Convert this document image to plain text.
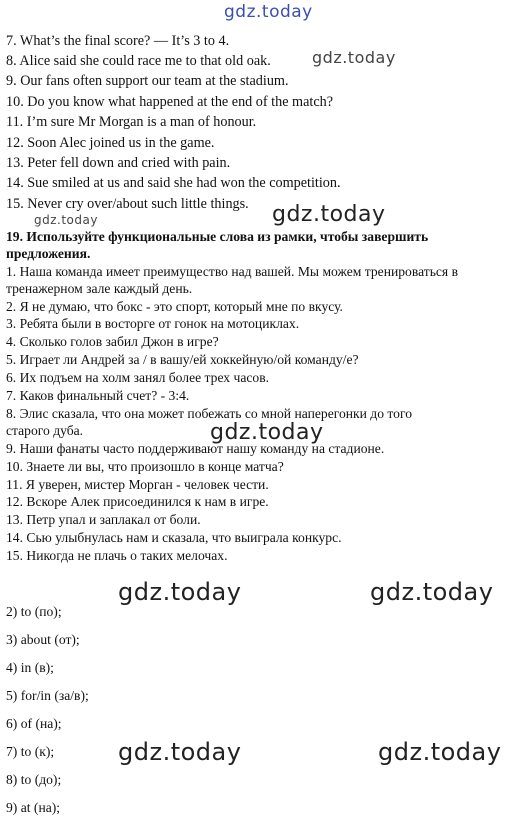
gdz.today
gdz.today
gdz.today	gdz.today
gdz.today
gdz.today	gdz.today
gdz.today	gdz.today
7. What’s the final score? — It’s 3 to 4.
8. Alice said she could race me to that old oak.
9. Our fans often support our team at the stadium.
10. Do you know what happened at the end of the match?
11. I’m sure Mr Morgan is a man of honour.
12. Soon Alec joined us in the game.
13. Peter fell down and cried with pain.
14. Sue smiled at us and said she had won the competition.
15. Never cry over/about such little things.
19. Используйте функциональные слова из рамки, чтобы завершить
предложения.
1. Наша команда имеет преимущество над вашей. Мы можем тренироваться в
тренажерном зале каждый день.
2. Я не думаю, что бокс - это спорт, который мне по вкусу.
3. Ребята были в восторге от гонок на мотоциклах.
4. Сколько голов забил Джон в игре?
5. Играет ли Андрей за / в вашу/ей хоккейную/ой команду/е?
6. Их подъем на холм занял более трех часов.
7. Каков финальный счет? - 3:4.
8. Элис сказала, что она может побежать со мной наперегонки до того
старого дуба.
9. Наши фанаты часто поддерживают нашу команду на стадионе.
10. Знаете ли вы, что произошло в конце матча?
11. Я уверен, мистер Морган - человек чести.
12. Вскоре Алек присоединился к нам в игре.
13. Петр упал и заплакал от боли.
14. Сью улыбнулась нам и сказала, что выиграла конкурс.
15. Никогда не плачь о таких мелочах.
2) to (по);
3) about (от);
4) in (в);
5) for/in (за/в);
6) of (на);
7) to (к);
8) to (до);
9) at (на);
